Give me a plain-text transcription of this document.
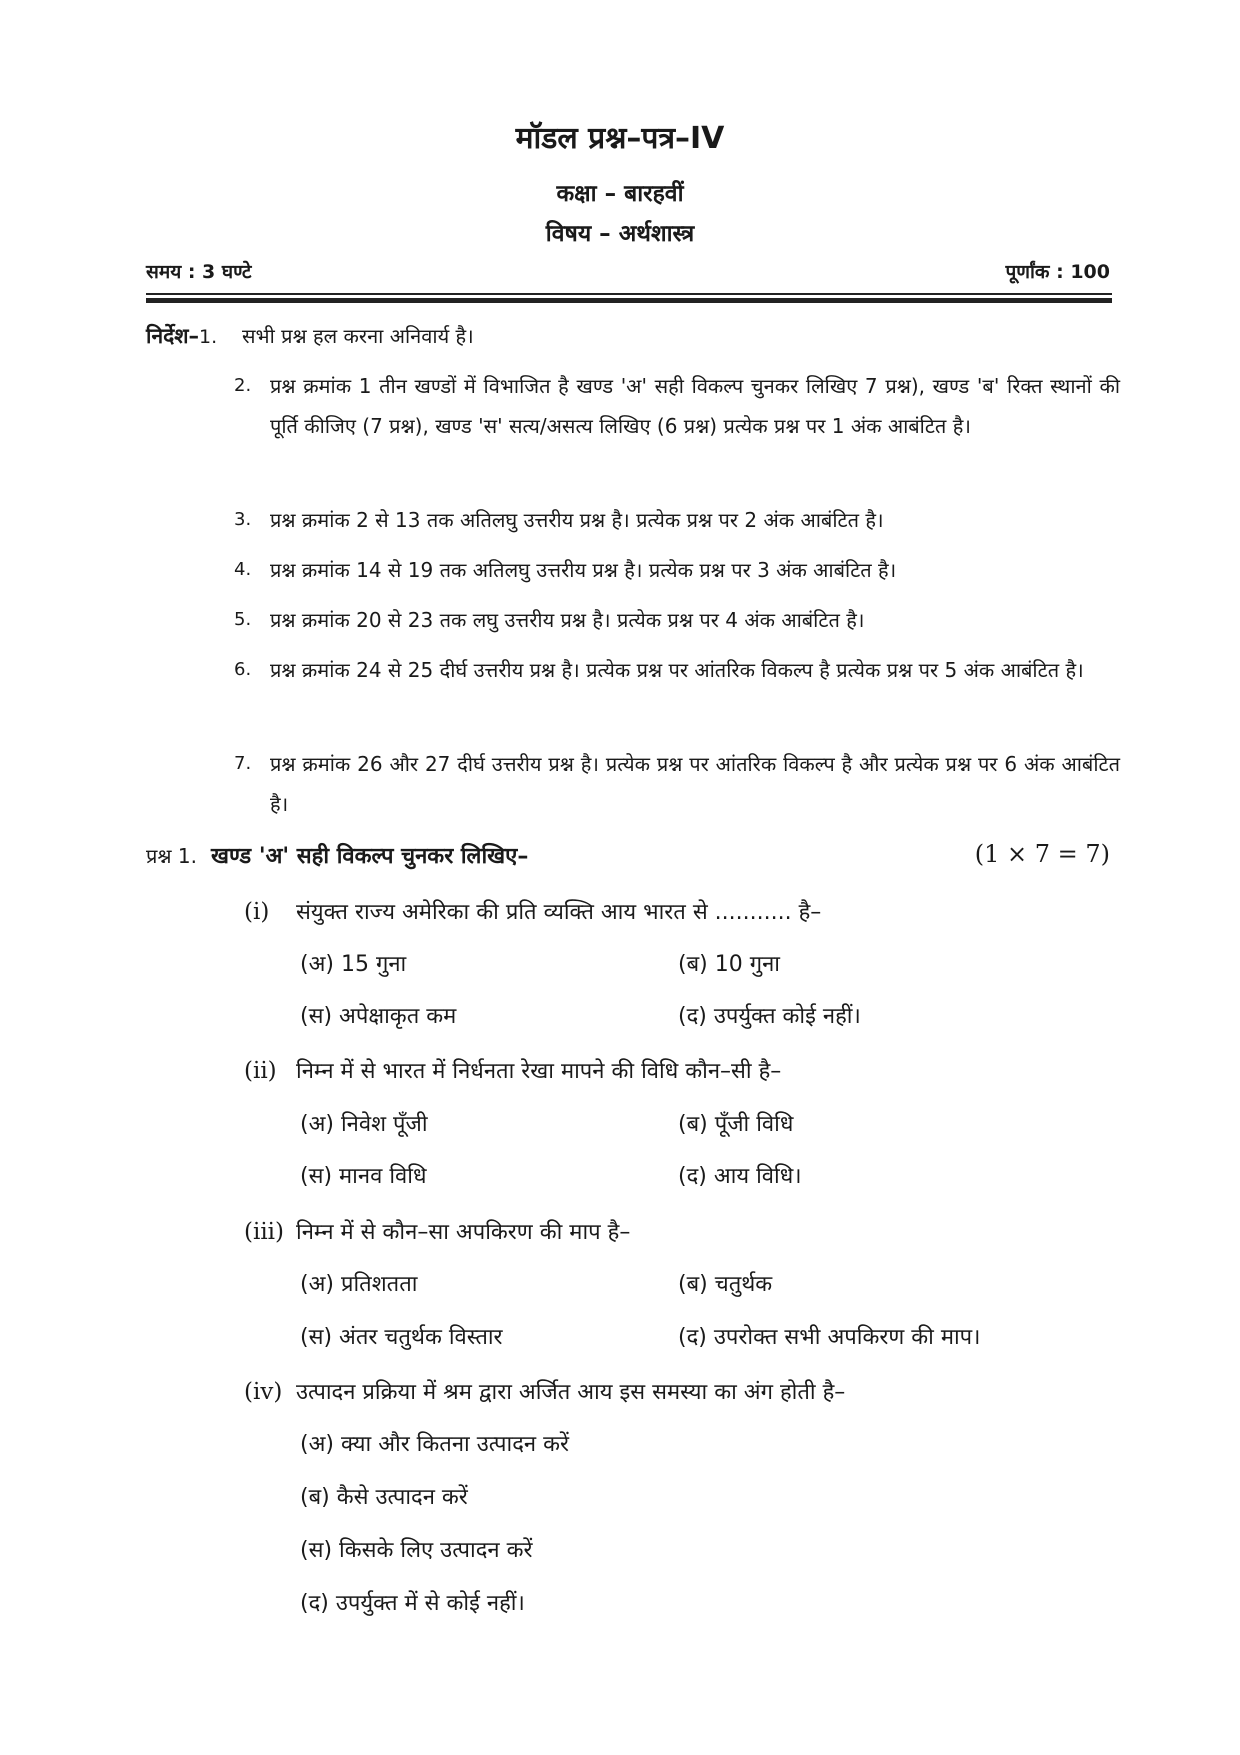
मॉडल प्रश्न–पत्र–IV
कक्षा – बारहवीं
विषय – अर्थशास्त्र
समय : 3 घण्टे	पूर्णांक : 100
निर्देश–1. सभी प्रश्न हल करना अनिवार्य है।
2. प्रश्न क्रमांक 1 तीन खण्डों में विभाजित है खण्ड 'अ' सही विकल्प चुनकर लिखिए 7 प्रश्न), खण्ड 'ब' रिक्त स्थानों की पूर्ति कीजिए (7 प्रश्न), खण्ड 'स' सत्य/असत्य लिखिए (6 प्रश्न) प्रत्येक प्रश्न पर 1 अंक आबंटित है।
3. प्रश्न क्रमांक 2 से 13 तक अतिलघु उत्तरीय प्रश्न है। प्रत्येक प्रश्न पर 2 अंक आबंटित है।
4. प्रश्न क्रमांक 14 से 19 तक अतिलघु उत्तरीय प्रश्न है। प्रत्येक प्रश्न पर 3 अंक आबंटित है।
5. प्रश्न क्रमांक 20 से 23 तक लघु उत्तरीय प्रश्न है। प्रत्येक प्रश्न पर 4 अंक आबंटित है।
6. प्रश्न क्रमांक 24 से 25 दीर्घ उत्तरीय प्रश्न है। प्रत्येक प्रश्न पर आंतरिक विकल्प है प्रत्येक प्रश्न पर 5 अंक आबंटित है।
7. प्रश्न क्रमांक 26 और 27 दीर्घ उत्तरीय प्रश्न है। प्रत्येक प्रश्न पर आंतरिक विकल्प है और प्रत्येक प्रश्न पर 6 अंक आबंटित है।
प्रश्न 1. खण्ड 'अ' सही विकल्प चुनकर लिखिए–	(1 × 7 = 7)
(i) संयुक्त राज्य अमेरिका की प्रति व्यक्ति आय भारत से ........... है–
(अ) 15 गुना	(ब) 10 गुना
(स) अपेक्षाकृत कम	(द) उपर्युक्त कोई नहीं।
(ii) निम्न में से भारत में निर्धनता रेखा मापने की विधि कौन–सी है–
(अ) निवेश पूँजी	(ब) पूँजी विधि
(स) मानव विधि	(द) आय विधि।
(iii) निम्न में से कौन–सा अपकिरण की माप है–
(अ) प्रतिशतता	(ब) चतुर्थक
(स) अंतर चतुर्थक विस्तार	(द) उपरोक्त सभी अपकिरण की माप।
(iv) उत्पादन प्रक्रिया में श्रम द्वारा अर्जित आय इस समस्या का अंग होती है–
(अ) क्या और कितना उत्पादन करें
(ब) कैसे उत्पादन करें
(स) किसके लिए उत्पादन करें
(द) उपर्युक्त में से कोई नहीं।
